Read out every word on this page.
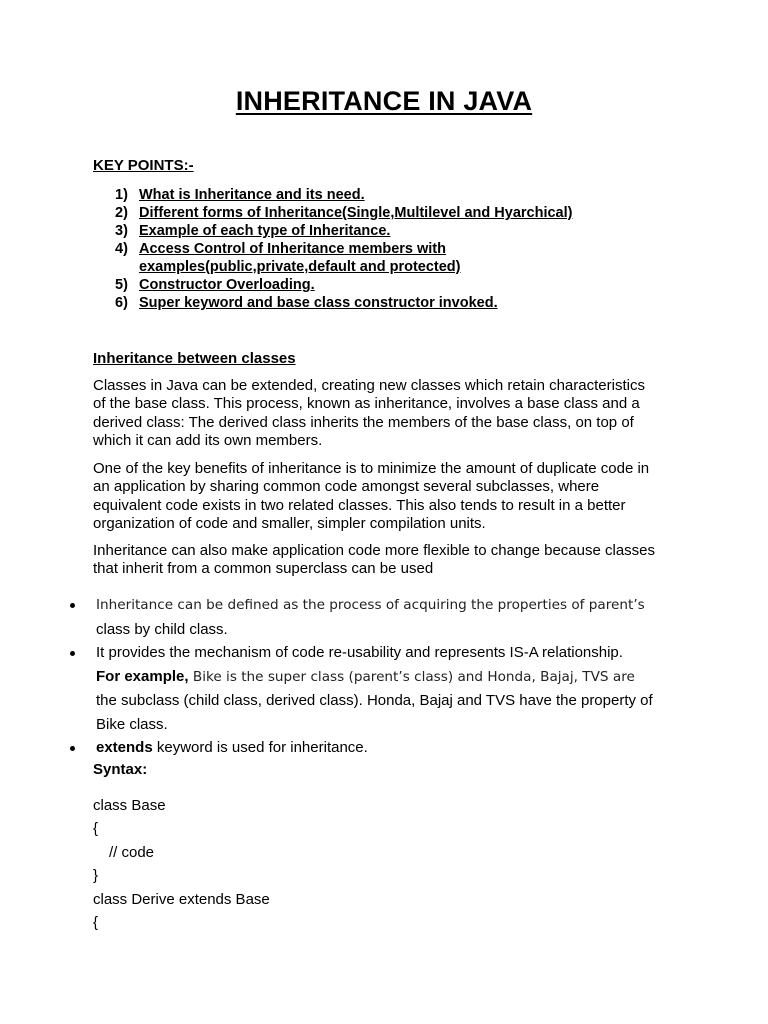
INHERITANCE IN JAVA
KEY POINTS:-
1) What is Inheritance and its need.
2) Different forms of Inheritance(Single,Multilevel and Hyarchical)
3) Example of each type of Inheritance.
4) Access Control of Inheritance members with
examples(public,private,default and protected)
5) Constructor Overloading.
6) Super keyword and base class constructor invoked.
Inheritance between classes

Classes in Java can be extended, creating new classes which retain characteristics
of the base class. This process, known as inheritance, involves a base class and a
derived class: The derived class inherits the members of the base class, on top of
which it can add its own members.

One of the key benefits of inheritance is to minimize the amount of duplicate code in
an application by sharing common code amongst several subclasses, where
equivalent code exists in two related classes. This also tends to result in a better
organization of code and smaller, simpler compilation units.

Inheritance can also make application code more flexible to change because classes
that inherit from a common superclass can be used

Inheritance can be defined as the process of acquiring the properties of parent’s
class by child class.
It provides the mechanism of code re-usability and represents IS-A relationship.
For example, Bike is the super class (parent’s class) and Honda, Bajaj, TVS are
the subclass (child class, derived class). Honda, Bajaj and TVS have the property of
Bike class.
extends keyword is used for inheritance.
Syntax:
class Base
{
// code
}
class Derive extends Base
{
